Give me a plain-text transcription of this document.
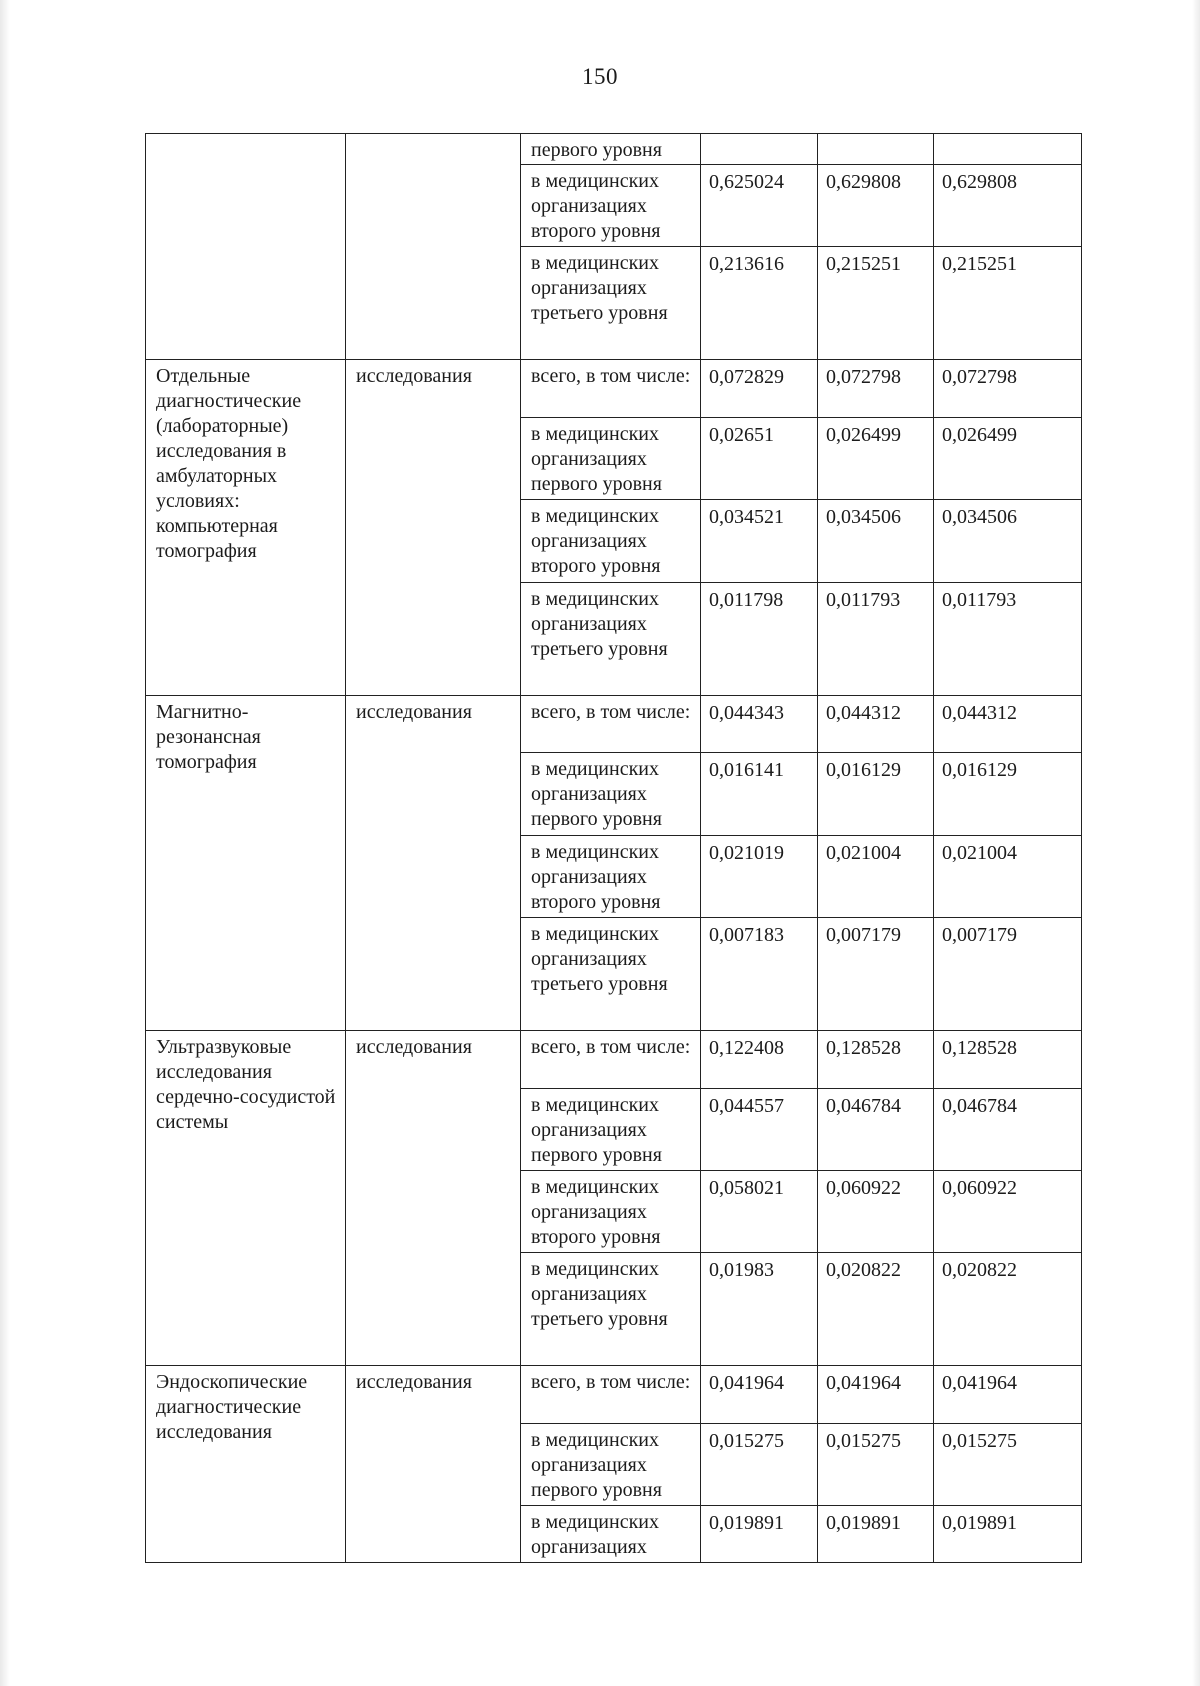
150
		первого уровня			
		в медицинских организациях второго уровня	0,625024	0,629808	0,629808
		в медицинских организациях третьего уровня	0,213616	0,215251	0,215251
Отдельные диагностические (лабораторные) исследования в амбулаторных условиях: компьютерная томография	исследования	всего, в том числе:	0,072829	0,072798	0,072798
		в медицинских организациях первого уровня	0,02651	0,026499	0,026499
		в медицинских организациях второго уровня	0,034521	0,034506	0,034506
		в медицинских организациях третьего уровня	0,011798	0,011793	0,011793
Магнитно-резонансная томография	исследования	всего, в том числе:	0,044343	0,044312	0,044312
		в медицинских организациях первого уровня	0,016141	0,016129	0,016129
		в медицинских организациях второго уровня	0,021019	0,021004	0,021004
		в медицинских организациях третьего уровня	0,007183	0,007179	0,007179
Ультразвуковые исследования сердечно-сосудистой системы	исследования	всего, в том числе:	0,122408	0,128528	0,128528
		в медицинских организациях первого уровня	0,044557	0,046784	0,046784
		в медицинских организациях второго уровня	0,058021	0,060922	0,060922
		в медицинских организациях третьего уровня	0,01983	0,020822	0,020822
Эндоскопические диагностические исследования	исследования	всего, в том числе:	0,041964	0,041964	0,041964
		в медицинских организациях первого уровня	0,015275	0,015275	0,015275
		в медицинских организациях	0,019891	0,019891	0,019891
